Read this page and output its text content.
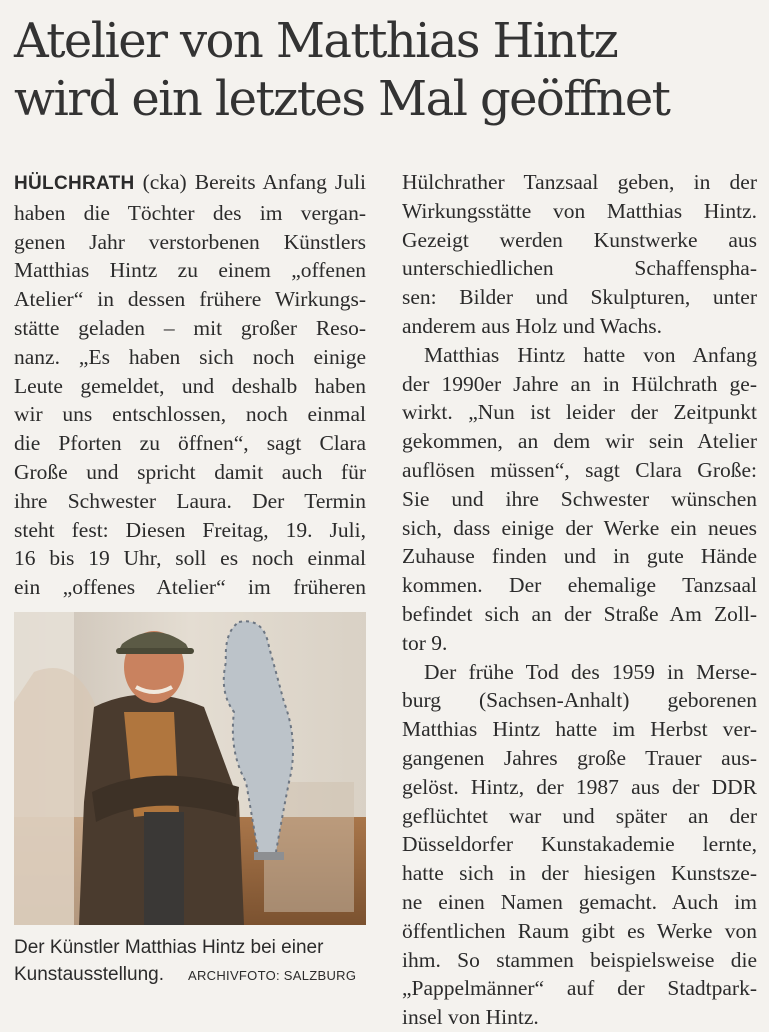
Atelier von Matthias Hintz
wird ein letztes Mal geöffnet
HÜLCHRATH (cka) Bereits Anfang Juli
haben die Töchter des im vergan-
genen Jahr verstorbenen Künstlers
Matthias Hintz zu einem „offenen
Atelier“ in dessen frühere Wirkungs-
stätte geladen – mit großer Reso-
nanz. „Es haben sich noch einige
Leute gemeldet, und deshalb haben
wir uns entschlossen, noch einmal
die Pforten zu öffnen“, sagt Clara
Große und spricht damit auch für
ihre Schwester Laura. Der Termin
steht fest: Diesen Freitag, 19. Juli,
16 bis 19 Uhr, soll es noch einmal
ein „offenes Atelier“ im früheren
Der Künstler Matthias Hintz bei einer
Kunstausstellung. ARCHIVFOTO: SALZBURG
Hülchrather Tanzsaal geben, in der
Wirkungsstätte von Matthias Hintz.
Gezeigt werden Kunstwerke aus
unterschiedlichen Schaffenspha-
sen: Bilder und Skulpturen, unter
anderem aus Holz und Wachs.
Matthias Hintz hatte von Anfang
der 1990er Jahre an in Hülchrath ge-
wirkt. „Nun ist leider der Zeitpunkt
gekommen, an dem wir sein Atelier
auflösen müssen“, sagt Clara Große:
Sie und ihre Schwester wünschen
sich, dass einige der Werke ein neues
Zuhause finden und in gute Hände
kommen. Der ehemalige Tanzsaal
befindet sich an der Straße Am Zoll-
tor 9.
Der frühe Tod des 1959 in Merse-
burg (Sachsen-Anhalt) geborenen
Matthias Hintz hatte im Herbst ver-
gangenen Jahres große Trauer aus-
gelöst. Hintz, der 1987 aus der DDR
geflüchtet war und später an der
Düsseldorfer Kunstakademie lernte,
hatte sich in der hiesigen Kunstsze-
ne einen Namen gemacht. Auch im
öffentlichen Raum gibt es Werke von
ihm. So stammen beispielsweise die
„Pappelmänner“ auf der Stadtpark-
insel von Hintz.
